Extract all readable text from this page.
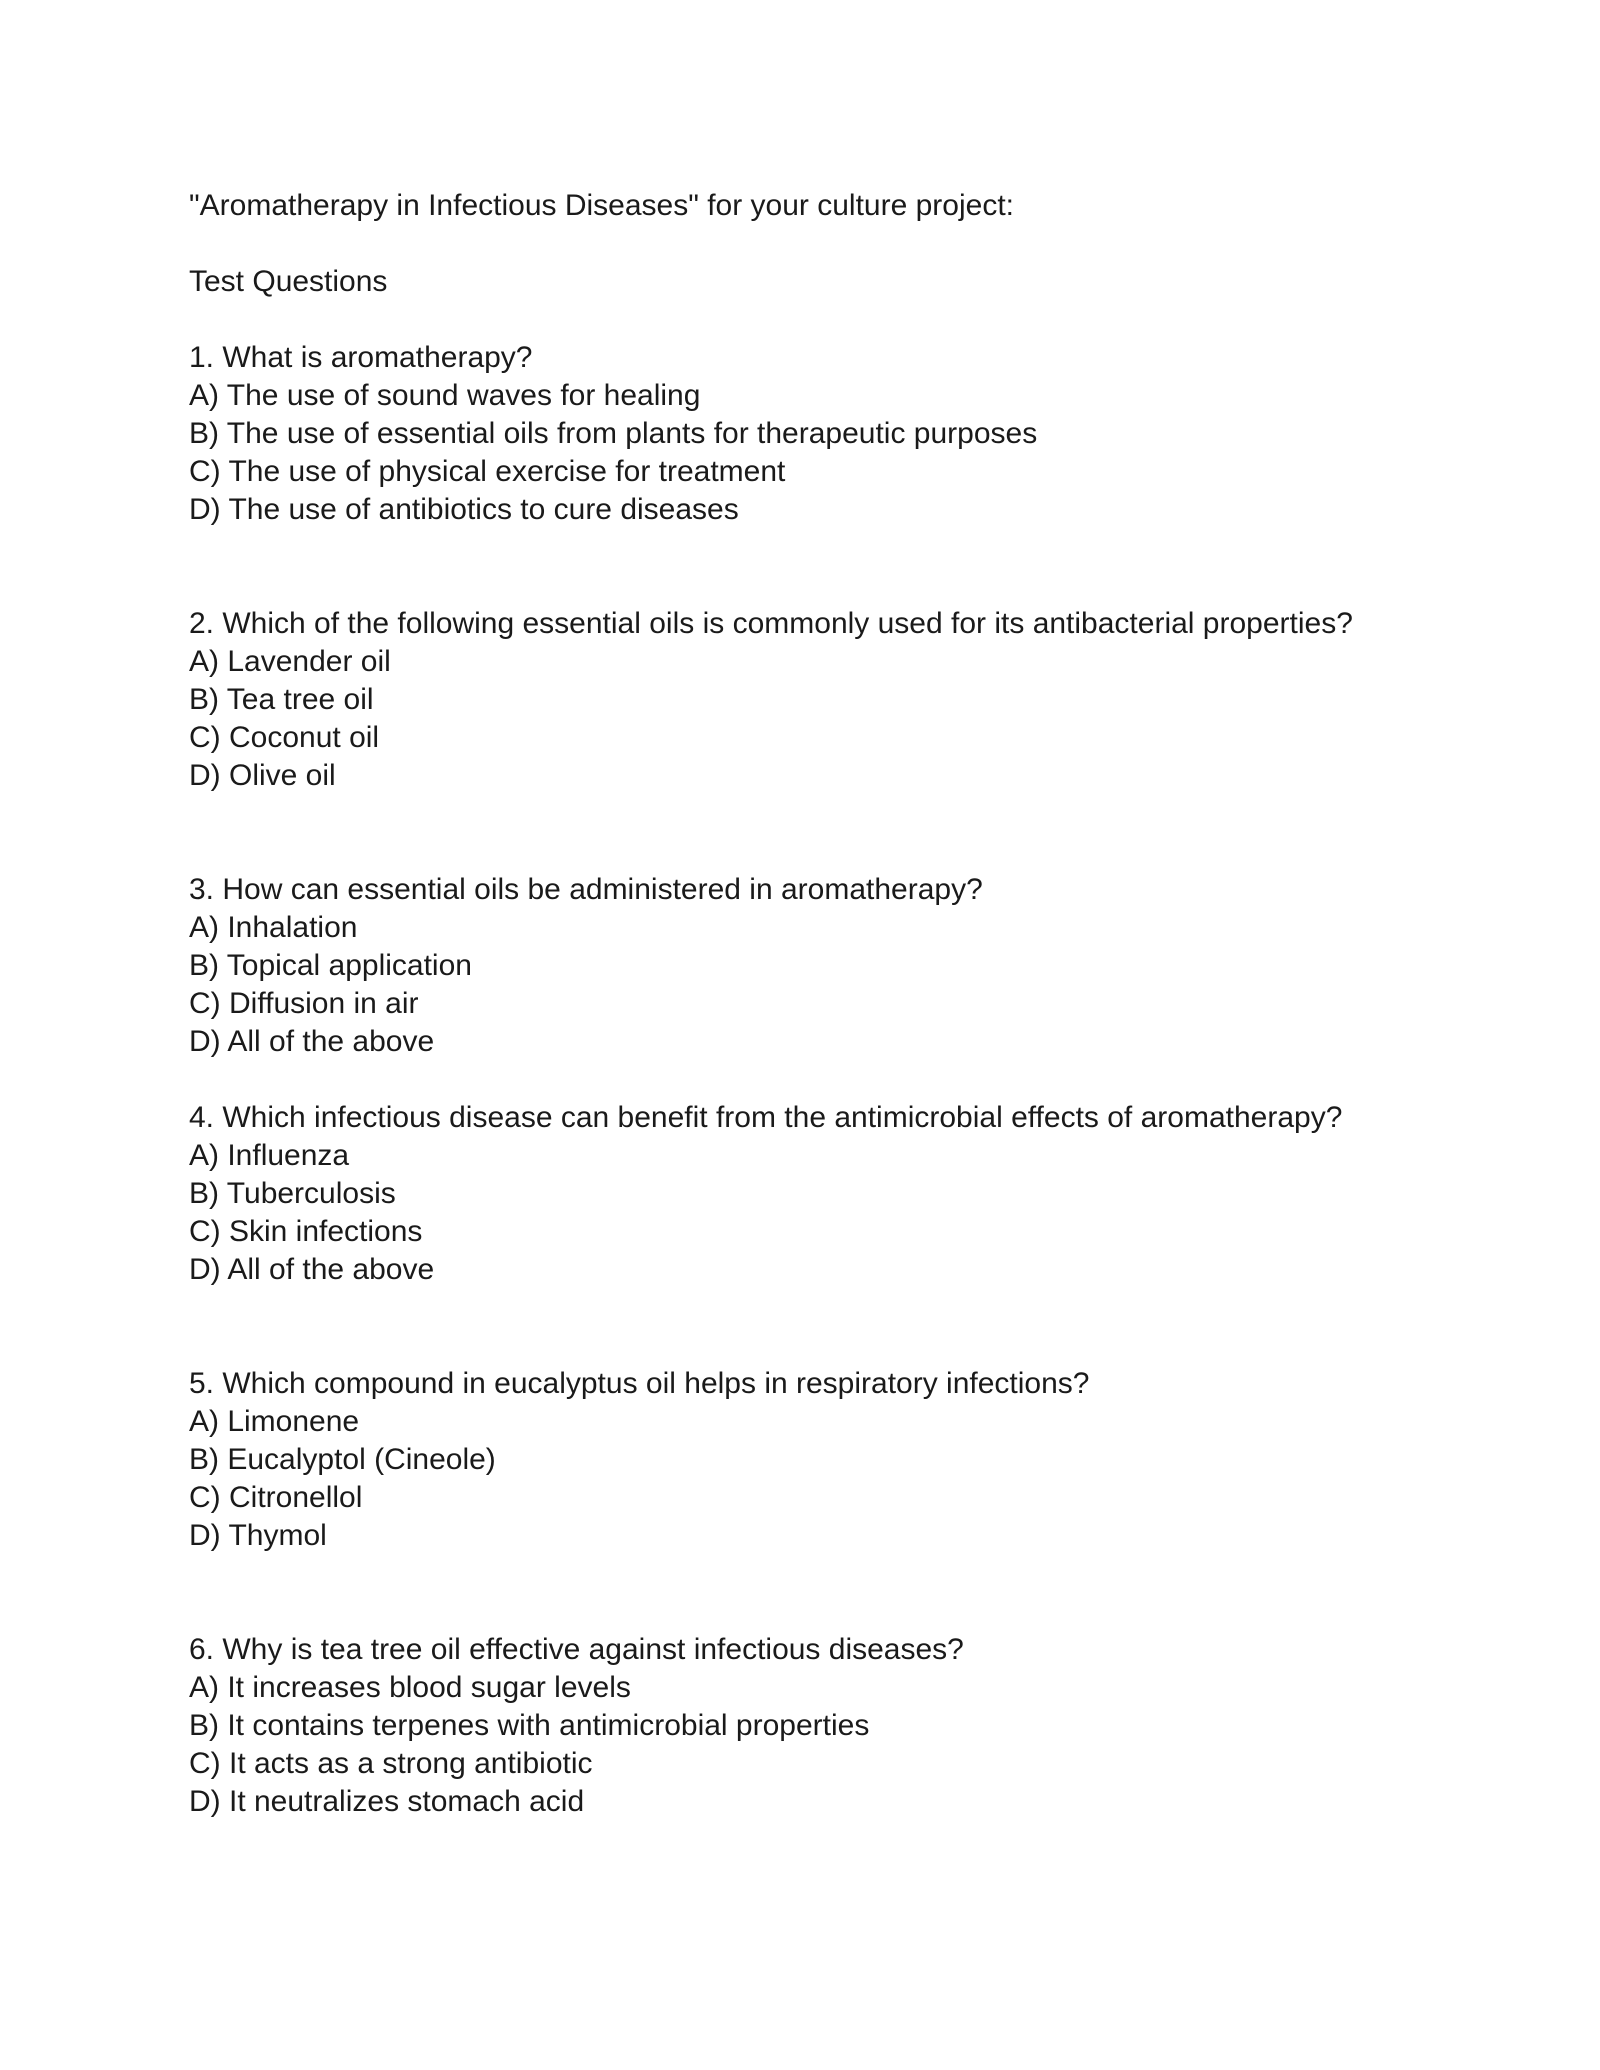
"Aromatherapy in Infectious Diseases" for your culture project:
Test Questions
1. What is aromatherapy?
A) The use of sound waves for healing
B) The use of essential oils from plants for therapeutic purposes
C) The use of physical exercise for treatment
D) The use of antibiotics to cure diseases
2. Which of the following essential oils is commonly used for its antibacterial properties?
A) Lavender oil
B) Tea tree oil
C) Coconut oil
D) Olive oil
3. How can essential oils be administered in aromatherapy?
A) Inhalation
B) Topical application
C) Diffusion in air
D) All of the above
4. Which infectious disease can benefit from the antimicrobial effects of aromatherapy?
A) Influenza
B) Tuberculosis
C) Skin infections
D) All of the above
5. Which compound in eucalyptus oil helps in respiratory infections?
A) Limonene
B) Eucalyptol (Cineole)
C) Citronellol
D) Thymol
6. Why is tea tree oil effective against infectious diseases?
A) It increases blood sugar levels
B) It contains terpenes with antimicrobial properties
C) It acts as a strong antibiotic
D) It neutralizes stomach acid
